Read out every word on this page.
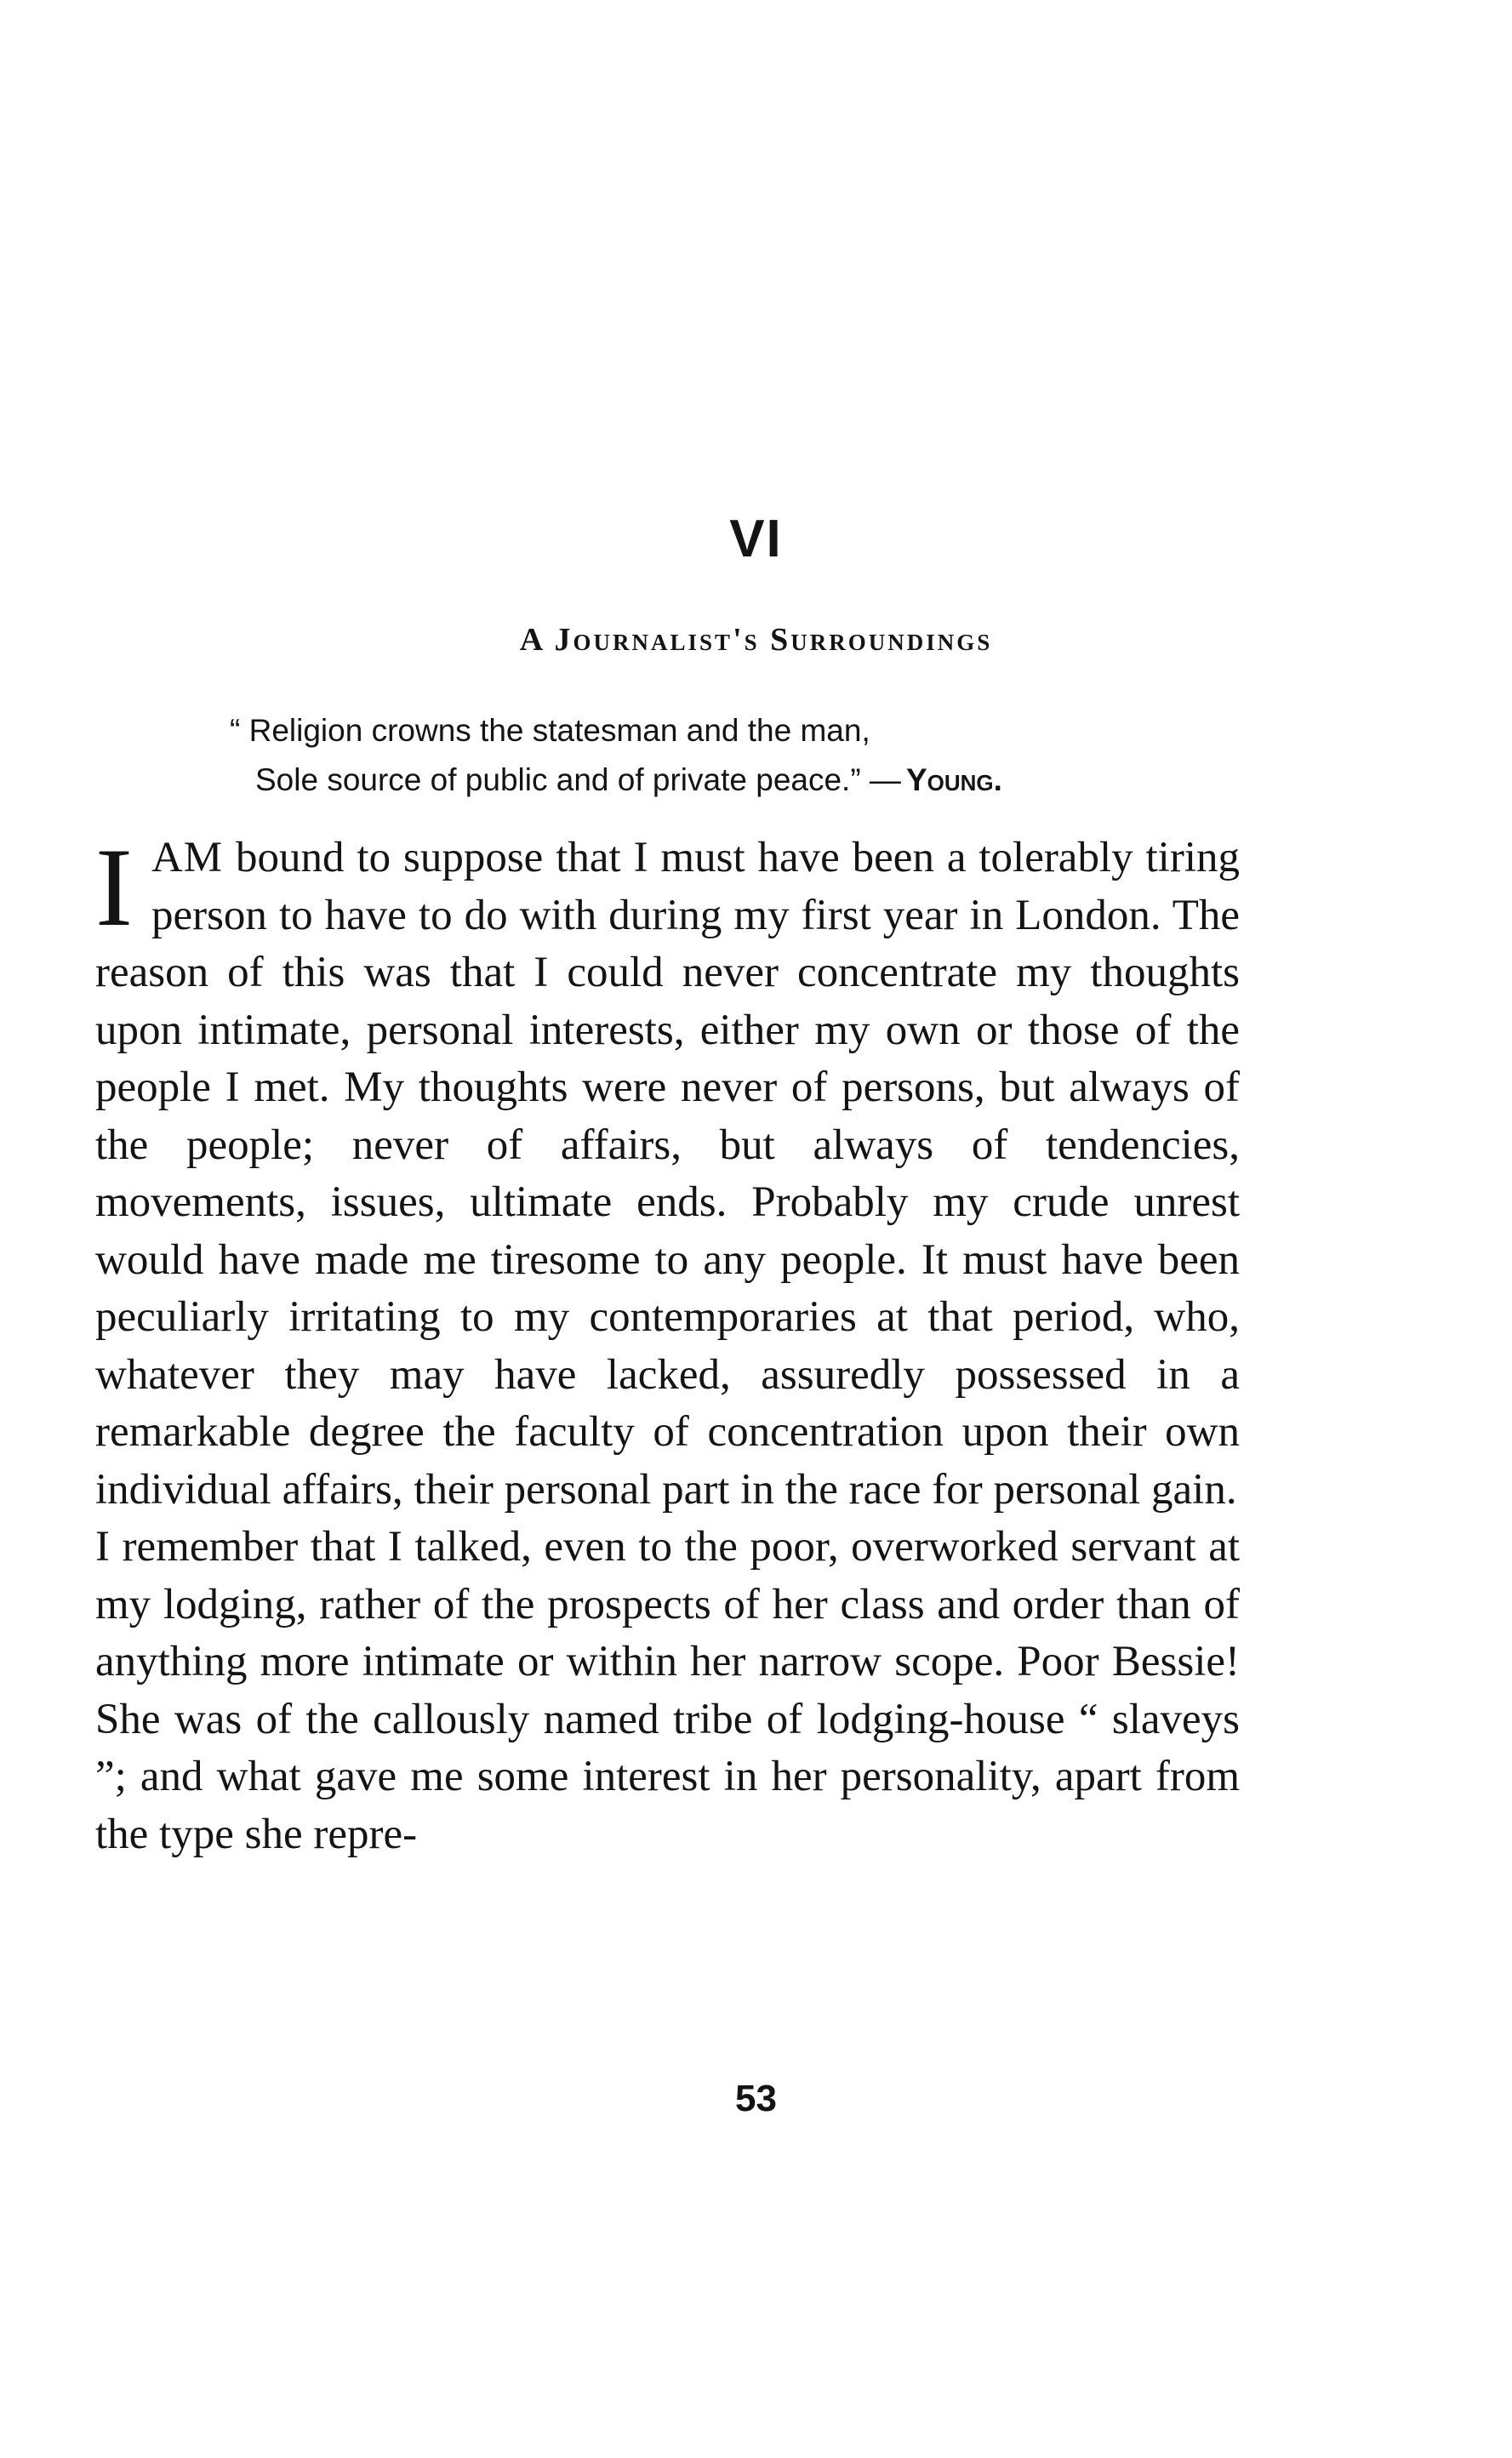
VI
A Journalist's Surroundings
“ Religion crowns the statesman and the man,
Sole source of public and of private peace.” — Young.

IAM bound to suppose that I must have been a tolerably tiring person to have to do with during my first year in London. The reason of this was that I could never concentrate my thoughts upon intimate, personal interests, either my own or those of the people I met. My thoughts were never of persons, but always of the people; never of affairs, but always of tendencies, movements, issues, ultimate ends. Probably my crude unrest would have made me tiresome to any people. It must have been peculiarly irritating to my contemporaries at that period, who, whatever they may have lacked, assuredly possessed in a remarkable degree the faculty of concentration upon their own individual affairs, their personal part in the race for personal gain.

I remember that I talked, even to the poor, overworked servant at my lodging, rather of the prospects of her class and order than of anything more intimate or within her narrow scope. Poor Bessie! She was of the callously named tribe of lodging-house “ slaveys ”; and what gave me some interest in her personality, apart from the type she repre-

53
